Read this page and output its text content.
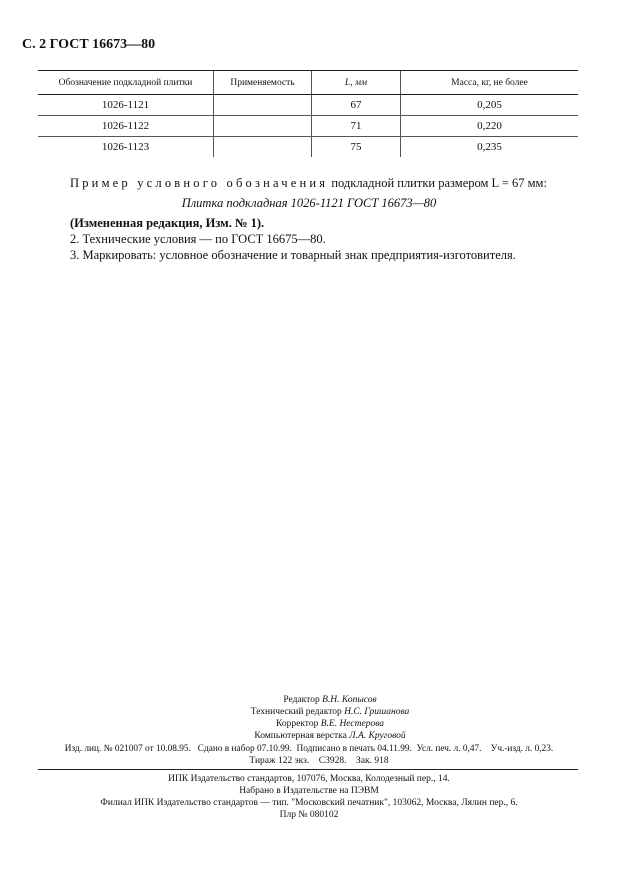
С. 2 ГОСТ 16673—80
Обозначение подкладной плитки	Применяемость	L, мм	Масса, кг, не более
1026-1121		67	0,205
1026-1122		71	0,220
1026-1123		75	0,235
Пример условного обозначения подкладной плитки размером L = 67 мм:
Плитка подкладная 1026-1121 ГОСТ 16673—80
(Измененная редакция, Изм. № 1).
2. Технические условия — по ГОСТ 16675—80.
3. Маркировать: условное обозначение и товарный знак предприятия-изготовителя.
Редактор В.Н. Копысов
Технический редактор Н.С. Гришанова
Корректор В.Е. Нестерова
Компьютерная верстка Л.А. Круговой
Изд. лиц. № 021007 от 10.08.95.   Сдано в набор 07.10.99.  Подписано в печать 04.11.99.  Усл. печ. л. 0,47.    Уч.-изд. л. 0,23.
Тираж 122 экз.    С3928.    Зак. 918
ИПК Издательство стандартов, 107076, Москва, Колодезный пер., 14.
Набрано в Издательстве на ПЭВМ
Филиал ИПК Издательство стандартов — тип. "Московский печатник", 103062, Москва, Лялин пер., 6.
Плр № 080102
